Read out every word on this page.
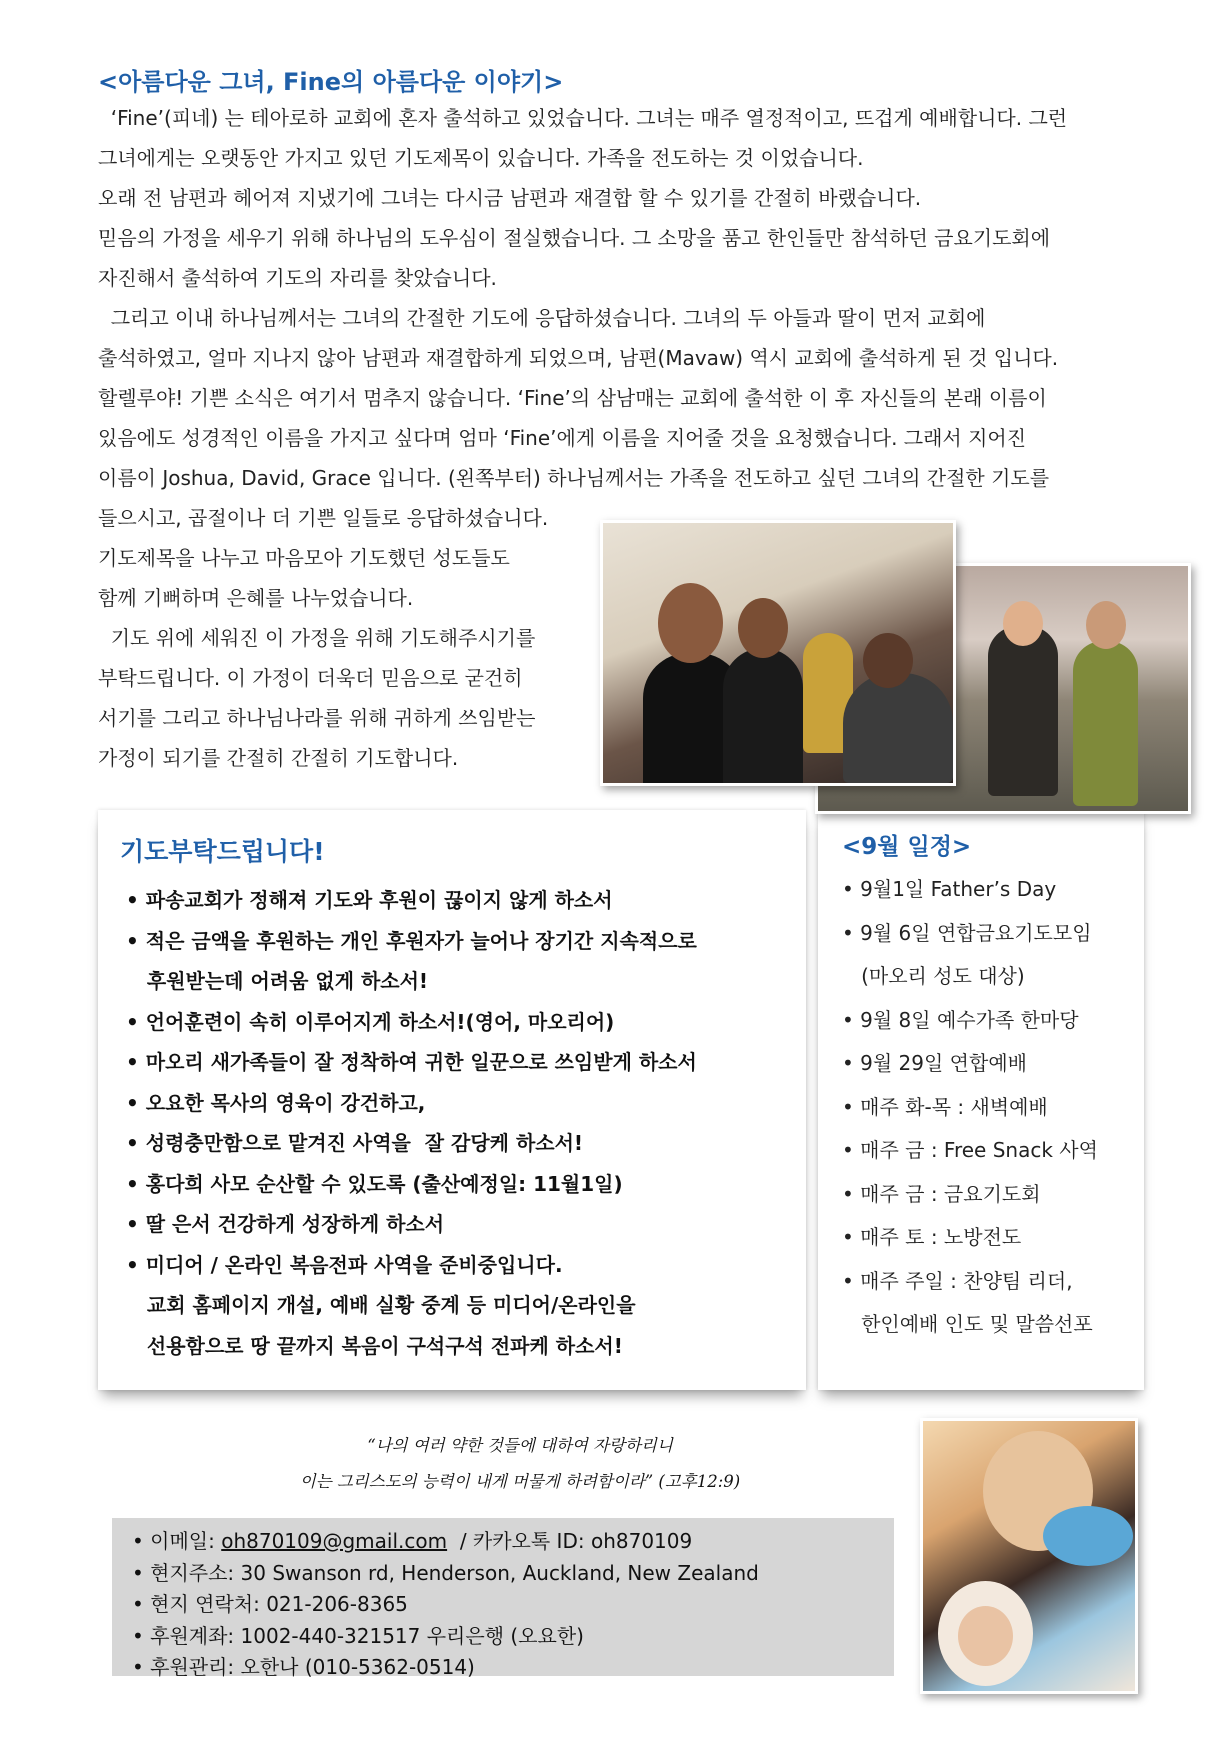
<아름다운 그녀, Fine의 아름다운 이야기>
‘Fine’(피네) 는 테아로하 교회에 혼자 출석하고 있었습니다. 그녀는 매주 열정적이고, 뜨겁게 예배합니다. 그런
그녀에게는 오랫동안 가지고 있던 기도제목이 있습니다. 가족을 전도하는 것 이었습니다.
오래 전 남편과 헤어져 지냈기에 그녀는 다시금 남편과 재결합 할 수 있기를 간절히 바랬습니다.
믿음의 가정을 세우기 위해 하나님의 도우심이 절실했습니다. 그 소망을 품고 한인들만 참석하던 금요기도회에
자진해서 출석하여 기도의 자리를 찾았습니다.
그리고 이내 하나님께서는 그녀의 간절한 기도에 응답하셨습니다. 그녀의 두 아들과 딸이 먼저 교회에
출석하였고, 얼마 지나지 않아 남편과 재결합하게 되었으며, 남편(Mavaw) 역시 교회에 출석하게 된 것 입니다.
할렐루야! 기쁜 소식은 여기서 멈추지 않습니다. ‘Fine’의 삼남매는 교회에 출석한 이 후 자신들의 본래 이름이
있음에도 성경적인 이름을 가지고 싶다며 엄마 ‘Fine’에게 이름을 지어줄 것을 요청했습니다. 그래서 지어진
이름이 Joshua, David, Grace 입니다. (왼쪽부터) 하나님께서는 가족을 전도하고 싶던 그녀의 간절한 기도를
들으시고, 곱절이나 더 기쁜 일들로 응답하셨습니다.
기도제목을 나누고 마음모아 기도했던 성도들도
함께 기뻐하며 은혜를 나누었습니다.
기도 위에 세워진 이 가정을 위해 기도해주시기를
부탁드립니다. 이 가정이 더욱더 믿음으로 굳건히
서기를 그리고 하나님나라를 위해 귀하게 쓰임받는
가정이 되기를 간절히 간절히 기도합니다.
기도부탁드립니다!
• 파송교회가 정해져 기도와 후원이 끊이지 않게 하소서
• 적은 금액을 후원하는 개인 후원자가 늘어나 장기간 지속적으로
후원받는데 어려움 없게 하소서!
• 언어훈련이 속히 이루어지게 하소서!(영어, 마오리어)
• 마오리 새가족들이 잘 정착하여 귀한 일꾼으로 쓰임받게 하소서
• 오요한 목사의 영육이 강건하고,
• 성령충만함으로 맡겨진 사역을  잘 감당케 하소서!
• 홍다희 사모 순산할 수 있도록 (출산예정일: 11월1일)
• 딸 은서 건강하게 성장하게 하소서
• 미디어 / 온라인 복음전파 사역을 준비중입니다.
교회 홈페이지 개설, 예배 실황 중계 등 미디어/온라인을
선용함으로 땅 끝까지 복음이 구석구석 전파케 하소서!
<9월 일정>
• 9월1일 Father’s Day
• 9월 6일 연합금요기도모임
(마오리 성도 대상)
• 9월 8일 예수가족 한마당
• 9월 29일 연합예배
• 매주 화-목 : 새벽예배
• 매주 금 : Free Snack 사역
• 매주 금 : 금요기도회
• 매주 토 : 노방전도
• 매주 주일 : 찬양팀 리더,
한인예배 인도 및 말씀선포
“나의 여러 약한 것들에 대하여 자랑하리니
이는 그리스도의 능력이 내게 머물게 하려함이라” (고후12:9)
• 이메일: oh870109@gmail.com  / 카카오톡 ID: oh870109
• 현지주소: 30 Swanson rd, Henderson, Auckland, New Zealand
• 현지 연락처: 021-206-8365
• 후원계좌: 1002-440-321517 우리은행 (오요한)
• 후원관리: 오한나 (010-5362-0514)
